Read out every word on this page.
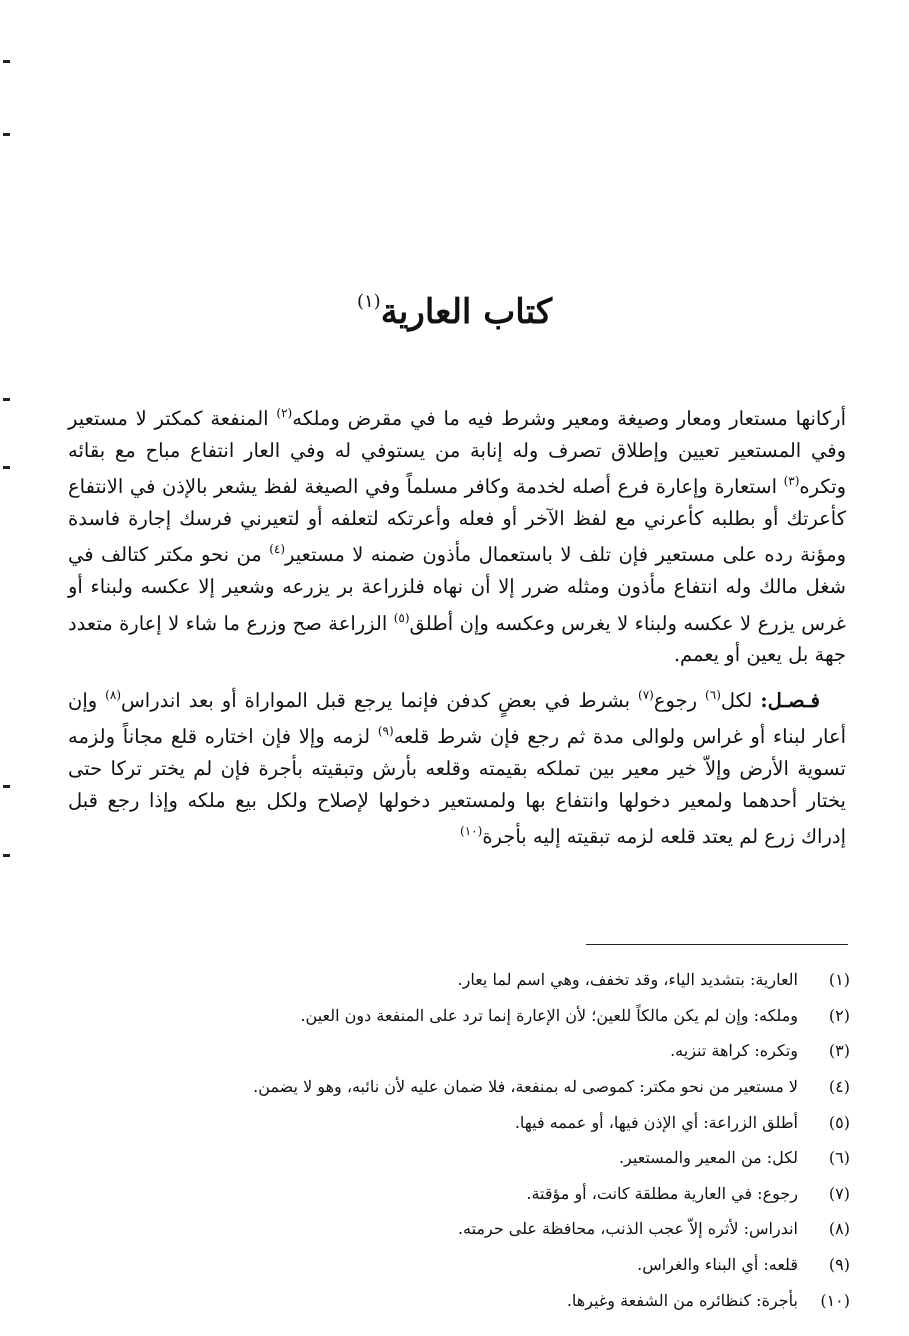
كتاب العارية$^{(١)}$

أركانها مستعار ومعار وصيغة ومعير وشرط فيه ما في مقرض وملكه$^{(٢)}$ المنفعة كمكتر لا مستعير وفي المستعير تعيين وإطلاق تصرف وله إنابة من يستوفي له وفي العار انتفاع مباح مع بقائه وتكره$^{(٣)}$ استعارة وإعارة فرع أصله لخدمة وكافر مسلماً وفي الصيغة لفظ يشعر بالإذن في الانتفاع كأعرتك أو بطلبه كأعرني مع لفظ الآخر أو فعله وأعرتكه لتعلفه أو لتعيرني فرسك إجارة فاسدة ومؤنة رده على مستعير فإن تلف لا باستعمال مأذون ضمنه لا مستعير$^{(٤)}$ من نحو مكتر كتالف في شغل مالك وله انتفاع مأذون ومثله ضرر إلا أن نهاه فلزراعة بر يزرعه وشعير إلا عكسه ولبناء أو غرس يزرع لا عكسه ولبناء لا يغرس وعكسه وإن أطلق$^{(٥)}$ الزراعة صح وزرع ما شاء لا إعارة متعدد جهة بل يعين أو يعمم.

فـصـل: لكل$^{(٦)}$ رجوع$^{(٧)}$ بشرط في بعضٍ كدفن فإنما يرجع قبل المواراة أو بعد اندراس$^{(٨)}$ وإن أعار لبناء أو غراس ولوالى مدة ثم رجع فإن شرط قلعه$^{(٩)}$ لزمه وإلا فإن اختاره قلع مجاناً ولزمه تسوية الأرض وإلاّ خير معير بين تملكه بقيمته وقلعه بأرش وتبقيته بأجرة فإن لم يختر تركا حتى يختار أحدهما ولمعير دخولها وانتفاع بها ولمستعير دخولها لإصلاح ولكل بيع ملكه وإذا رجع قبل إدراك زرع لم يعتد قلعه لزمه تبقيته إليه بأجرة$^{(١٠)}$

(١)
العارية: بتشديد الياء، وقد تخفف، وهي اسم لما يعار.
(٢)
وملكه: وإن لم يكن مالكاً للعين؛ لأن الإعارة إنما ترد على المنفعة دون العين.
(٣)
وتكره: كراهة تنزيه.
(٤)
لا مستعير من نحو مكتر: كموصى له بمنفعة، فلا ضمان عليه لأن نائبه، وهو لا يضمن.
(٥)
أطلق الزراعة: أي الإذن فيها، أو عممه فيها.
(٦)
لكل: من المعير والمستعير.
(٧)
رجوع: في العارية مطلقة كانت، أو مؤقتة.
(٨)
اندراس: لأثره إلاّ عجب الذنب، محافظة على حرمته.
(٩)
قلعه: أي البناء والغراس.
(١٠)
بأجرة: كنظائره من الشفعة وغيرها.
